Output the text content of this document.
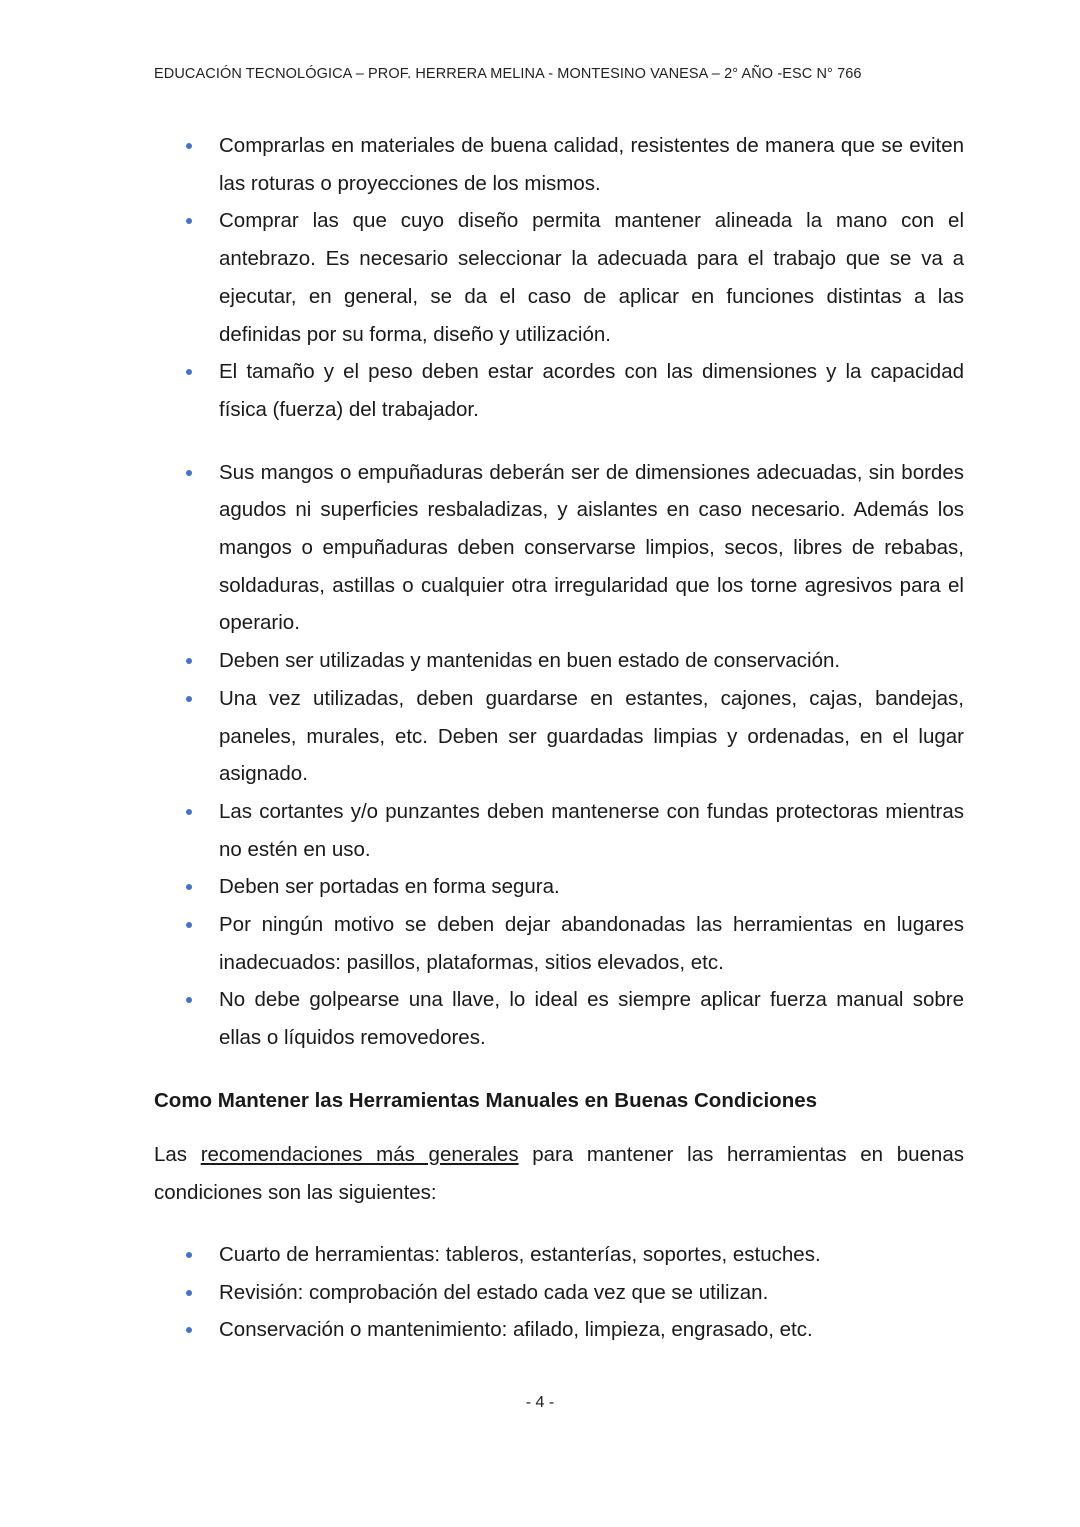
EDUCACIÓN TECNOLÓGICA – PROF. HERRERA MELINA - MONTESINO VANESA – 2° AÑO -ESC N° 766
Comprarlas en materiales de buena calidad, resistentes de manera que se eviten las roturas o proyecciones de los mismos.
Comprar las que cuyo diseño permita mantener alineada la mano con el antebrazo. Es necesario seleccionar la adecuada para el trabajo que se va a ejecutar, en general, se da el caso de aplicar en funciones distintas a las definidas por su forma, diseño y utilización.
El tamaño y el peso deben estar acordes con las dimensiones y la capacidad física (fuerza) del trabajador.
Sus mangos o empuñaduras deberán ser de dimensiones adecuadas, sin bordes agudos ni superficies resbaladizas, y aislantes en caso necesario. Además los mangos o empuñaduras deben conservarse limpios, secos, libres de rebabas, soldaduras, astillas o cualquier otra irregularidad que los torne agresivos para el operario.
Deben ser utilizadas y mantenidas en buen estado de conservación.
Una vez utilizadas, deben guardarse en estantes, cajones, cajas, bandejas, paneles, murales, etc. Deben ser guardadas limpias y ordenadas, en el lugar asignado.
Las cortantes y/o punzantes deben mantenerse con fundas protectoras mientras no estén en uso.
Deben ser portadas en forma segura.
Por ningún motivo se deben dejar abandonadas las herramientas en lugares inadecuados: pasillos, plataformas, sitios elevados, etc.
No debe golpearse una llave, lo ideal es siempre aplicar fuerza manual sobre ellas o líquidos removedores.
Como Mantener las Herramientas Manuales en Buenas Condiciones

Las recomendaciones más generales para mantener las herramientas en buenas condiciones son las siguientes:

Cuarto de herramientas: tableros, estanterías, soportes, estuches.
Revisión: comprobación del estado cada vez que se utilizan.
Conservación o mantenimiento: afilado, limpieza, engrasado, etc.
- 4 -
